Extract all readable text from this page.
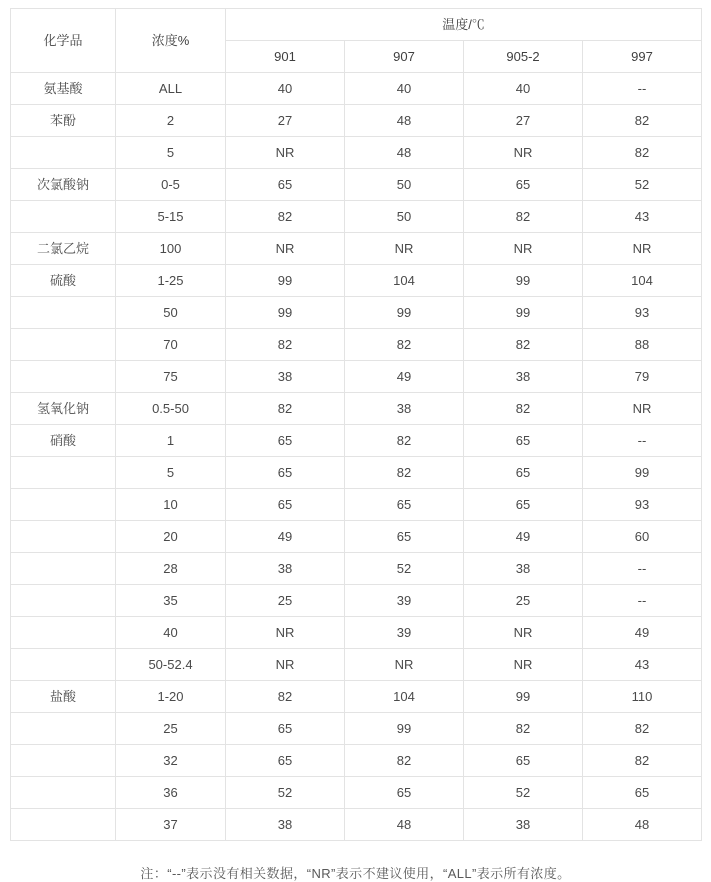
化学品	浓度%	温度/℃			
		901	907	905-2	997
氨基酸	ALL	40	40	40	--
苯酚	2	27	48	27	82
	5	NR	48	NR	82
次氯酸钠	0-5	65	50	65	52
	5-15	82	50	82	43
二氯乙烷	100	NR	NR	NR	NR
硫酸	1-25	99	104	99	104
	50	99	99	99	93
	70	82	82	82	88
	75	38	49	38	79
氢氧化钠	0.5-50	82	38	82	NR
硝酸	1	65	82	65	--
	5	65	82	65	99
	10	65	65	65	93
	20	49	65	49	60
	28	38	52	38	--
	35	25	39	25	--
	40	NR	39	NR	49
	50-52.4	NR	NR	NR	43
盐酸	1-20	82	104	99	110
	25	65	99	82	82
	32	65	82	65	82
	36	52	65	52	65
	37	38	48	38	48
注：“--”表示没有相关数据，“NR”表示不建议使用，“ALL”表示所有浓度。
